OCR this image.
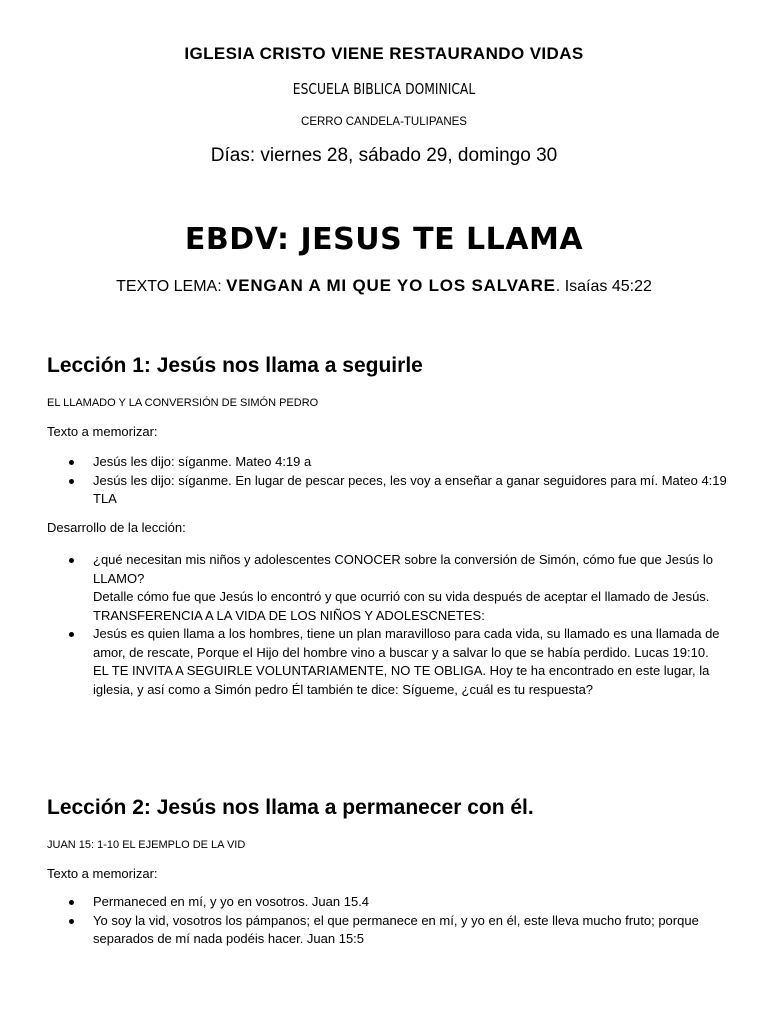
IGLESIA CRISTO VIENE RESTAURANDO VIDAS
ESCUELA BIBLICA DOMINICAL
CERRO CANDELA-TULIPANES
Días: viernes 28, sábado 29, domingo 30
EBDV: JESUS TE LLAMA
TEXTO LEMA: VENGAN A MI QUE YO LOS SALVARE. Isaías 45:22
Lección 1: Jesús nos llama a seguirle
EL LLAMADO Y LA CONVERSIÓN DE SIMÓN PEDRO
Texto a memorizar:
Jesús les dijo: síganme. Mateo 4:19 a
Jesús les dijo: síganme. En lugar de pescar peces, les voy a enseñar a ganar seguidores para mí. Mateo 4:19 TLA
Desarrollo de la lección:
¿qué necesitan mis niños y adolescentes CONOCER sobre la conversión de Simón, cómo fue que Jesús lo LLAMO?
Detalle cómo fue que Jesús lo encontró y que ocurrió con su vida después de aceptar el llamado de Jesús.
TRANSFERENCIA A LA VIDA DE LOS NIÑOS Y ADOLESCNETES:
Jesús es quien llama a los hombres, tiene un plan maravilloso para cada vida, su llamado es una llamada de amor, de rescate, Porque el Hijo del hombre vino a buscar y a salvar lo que se había perdido. Lucas 19:10. EL TE INVITA A SEGUIRLE VOLUNTARIAMENTE, NO TE OBLIGA. Hoy te ha encontrado en este lugar, la iglesia, y así como a Simón pedro Él también te dice: Sígueme, ¿cuál es tu respuesta?
Lección 2: Jesús nos llama a permanecer con él.
JUAN 15: 1-10 EL EJEMPLO DE LA VID
Texto a memorizar:
Permaneced en mí, y yo en vosotros. Juan 15.4
Yo soy la vid, vosotros los pámpanos; el que permanece en mí, y yo en él, este lleva mucho fruto; porque separados de mí nada podéis hacer. Juan 15:5
